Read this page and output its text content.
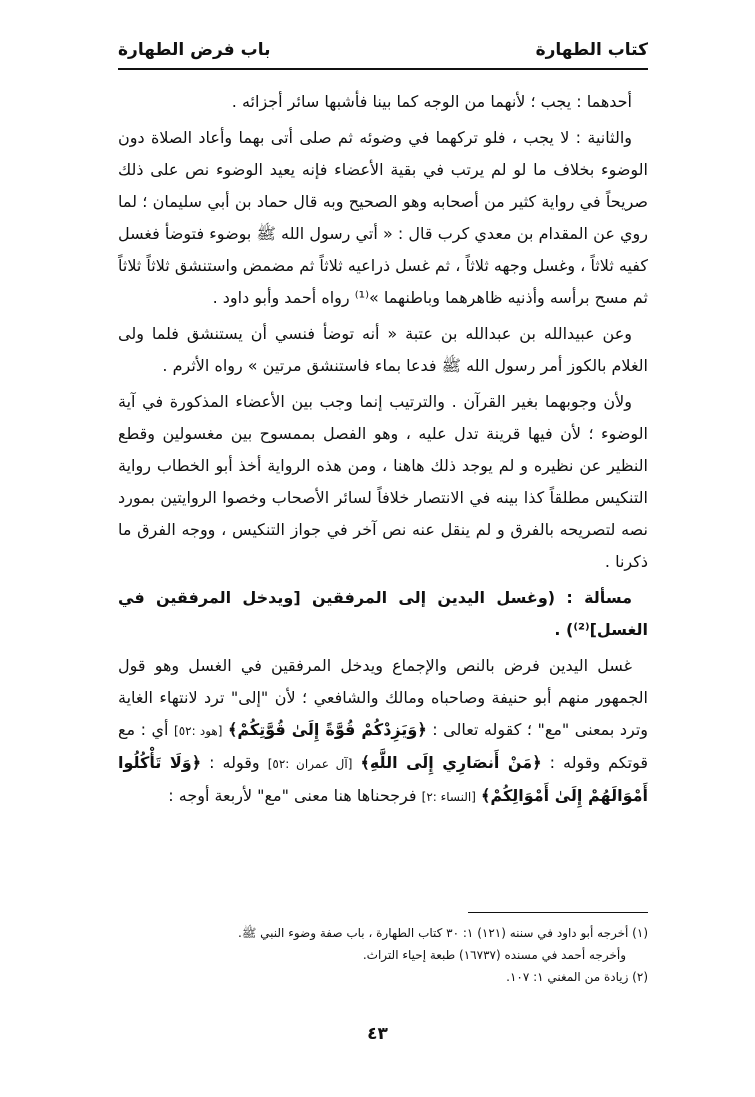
كتاب الطهارة
باب فرض الطهارة

أحدهما : يجب ؛ لأنهما من الوجه كما بينا فأشبها سائر أجزائه .

والثانية : لا يجب ، فلو تركهما في وضوئه ثم صلى أتى بهما وأعاد الصلاة دون الوضوء بخلاف ما لو لم يرتب في بقية الأعضاء فإنه يعيد الوضوء نص على ذلك صريحاً في رواية كثير من أصحابه وهو الصحيح وبه قال حماد بن أبي سليمان ؛ لما روي عن المقدام بن معدي كرب قال : « أتي رسول الله ﷺ بوضوء فتوضأ فغسل كفيه ثلاثاً ، وغسل وجهه ثلاثاً ، ثم غسل ذراعيه ثلاثاً ثم مضمض واستنشق ثلاثاً ثلاثاً ثم مسح برأسه وأذنيه ظاهرهما وباطنهما »⁽¹⁾ رواه أحمد وأبو داود .

وعن عبيدالله بن عبدالله بن عتبة « أنه توضأ فنسي أن يستنشق فلما ولى الغلام بالكوز أمر رسول الله ﷺ فدعا بماء فاستنشق مرتين » رواه الأثرم .

ولأن وجوبهما بغير القرآن . والترتيب إنما وجب بين الأعضاء المذكورة في آية الوضوء ؛ لأن فيها قرينة تدل عليه ، وهو الفصل بممسوح بين مغسولين وقطع النظير عن نظيره و لم يوجد ذلك هاهنا ، ومن هذه الرواية أخذ أبو الخطاب رواية التنكيس مطلقاً كذا بينه في الانتصار خلافاً لسائر الأصحاب وخصوا الروايتين بمورد نصه لتصريحه بالفرق و لم ينقل عنه نص آخر في جواز التنكيس ، ووجه الفرق ما ذكرنا .

مسألة : (وغسل اليدين إلى المرفقين [ويدخل المرفقين في الغسل]⁽²⁾) .

غسل اليدين فرض بالنص والإجماع ويدخل المرفقين في الغسل وهو قول الجمهور منهم أبو حنيفة وصاحباه ومالك والشافعي ؛ لأن "إلى" ترد لانتهاء الغاية وترد بمعنى "مع" ؛ كقوله تعالى : ﴿وَيَزِدْكُمْ قُوَّةً إِلَىٰ قُوَّتِكُمْ﴾ [هود :٥٢] أي : مع قوتكم وقوله : ﴿مَنْ أَنصَارِي إِلَى اللَّهِ﴾ [آل عمران :٥٢] وقوله : ﴿وَلَا تَأْكُلُوا أَمْوَالَهُمْ إِلَىٰ أَمْوَالِكُمْ﴾ [النساء :٢] فرجحناها هنا معنى "مع" لأربعة أوجه :

(١) أخرجه أبو داود في سننه (١٢١) ١: ٣٠ كتاب الطهارة ، باب صفة وضوء النبي ﷺ.

وأخرجه أحمد في مسنده (١٦٧٣٧) طبعة إحياء التراث.

(٢) زيادة من المغني ١: ١٠٧.

٤٣
